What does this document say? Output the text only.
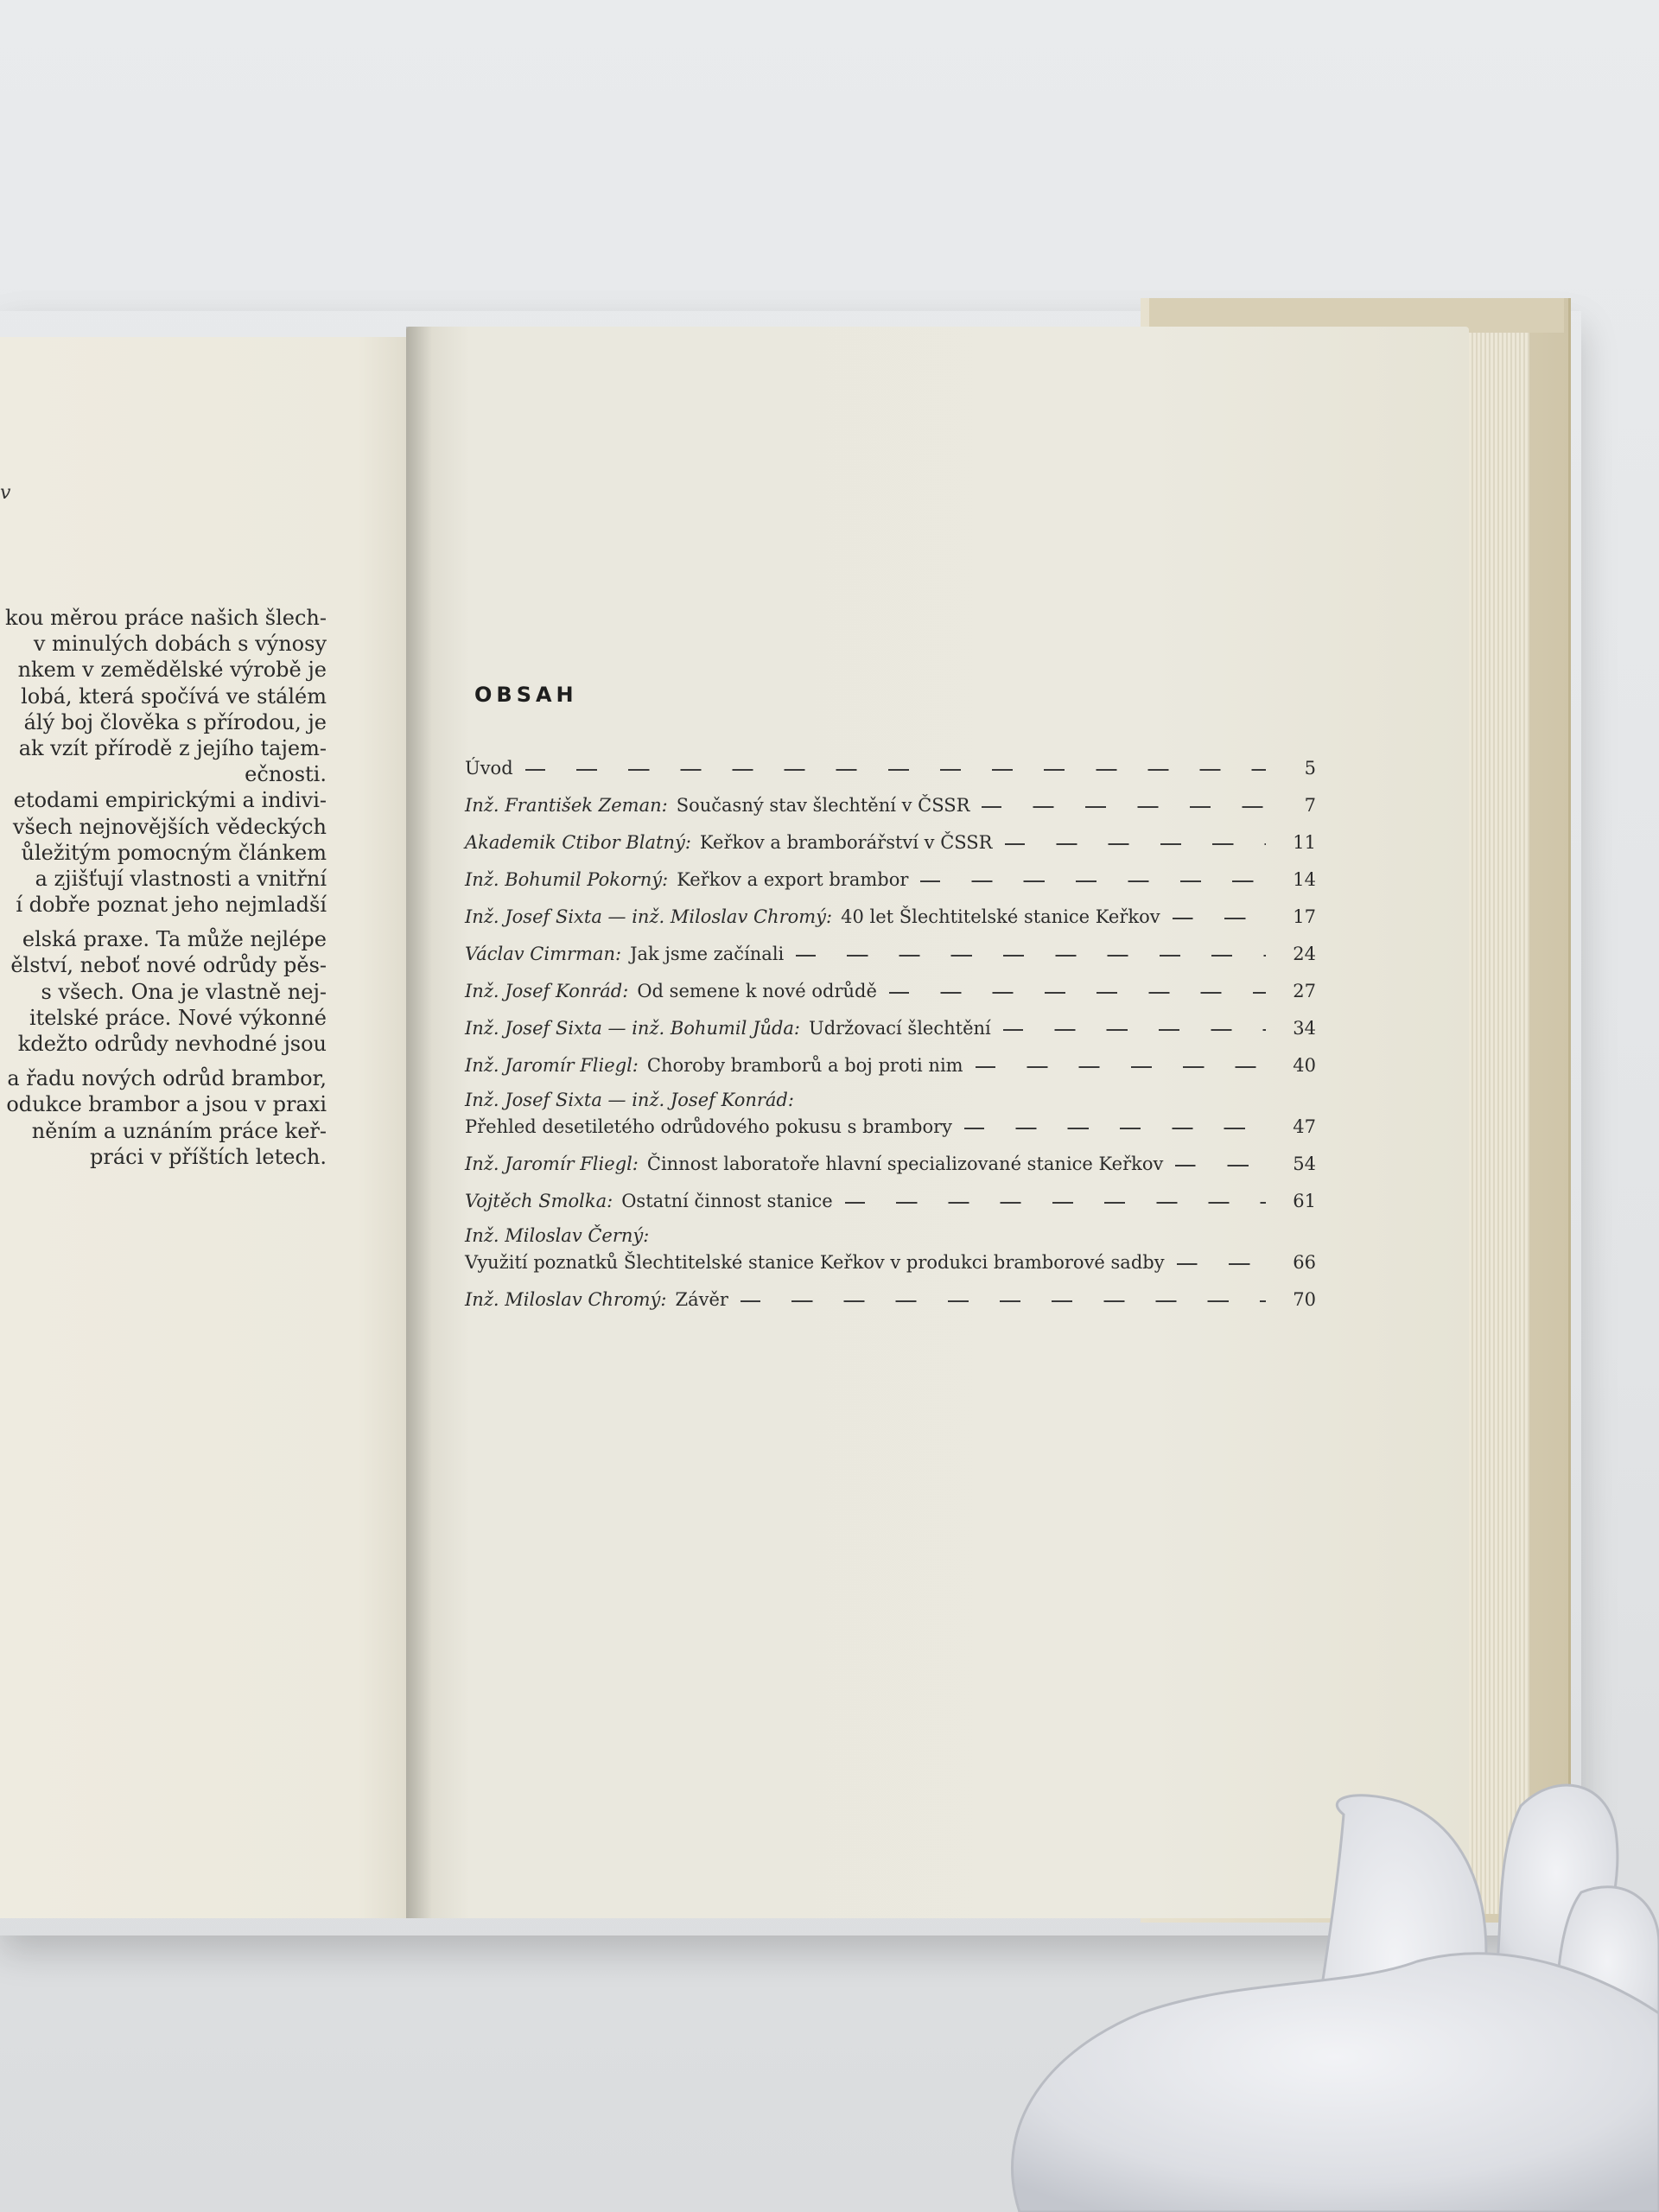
v
kou měrou práce našich šlech-
v minulých dobách s výnosy
nkem v zemědělské výrobě je
lobá, která spočívá ve stálém
álý boj člověka s přírodou, je
ak vzít přírodě z jejího tajem-
ečnosti.
etodami empirickými a indivi-
všech nejnovějších vědeckých
ůležitým pomocným článkem
a zjišťují vlastnosti a vnitřní
í dobře poznat jeho nejmladší
elská praxe. Ta může nejlépe
ělství, neboť nové odrůdy pěs-
s všech. Ona je vlastně nej-
itelské práce. Nové výkonné
kdežto odrůdy nevhodné jsou
a řadu nových odrůd brambor,
odukce brambor a jsou v praxi
něním a uznáním práce keř-
práci v příštích letech.
OBSAH
Úvod	5
Inž. František Zeman: Současný stav šlechtění v ČSSR	7
Akademik Ctibor Blatný: Keřkov a bramborářství v ČSSR	11
Inž. Bohumil Pokorný: Keřkov a export brambor	14
Inž. Josef Sixta — inž. Miloslav Chromý: 40 let Šlechtitelské stanice Keřkov	17
Václav Cimrman: Jak jsme začínali	24
Inž. Josef Konrád: Od semene k nové odrůdě	27
Inž. Josef Sixta — inž. Bohumil Jůda: Udržovací šlechtění	34
Inž. Jaromír Fliegl: Choroby bramborů a boj proti nim	40
Inž. Josef Sixta — inž. Josef Konrád:
Přehled desetiletého odrůdového pokusu s brambory	47
Inž. Jaromír Fliegl: Činnost laboratoře hlavní specializované stanice Keřkov	54
Vojtěch Smolka: Ostatní činnost stanice	61
Inž. Miloslav Černý:
Využití poznatků Šlechtitelské stanice Keřkov v produkci bramborové sadby	66
Inž. Miloslav Chromý: Závěr	70
